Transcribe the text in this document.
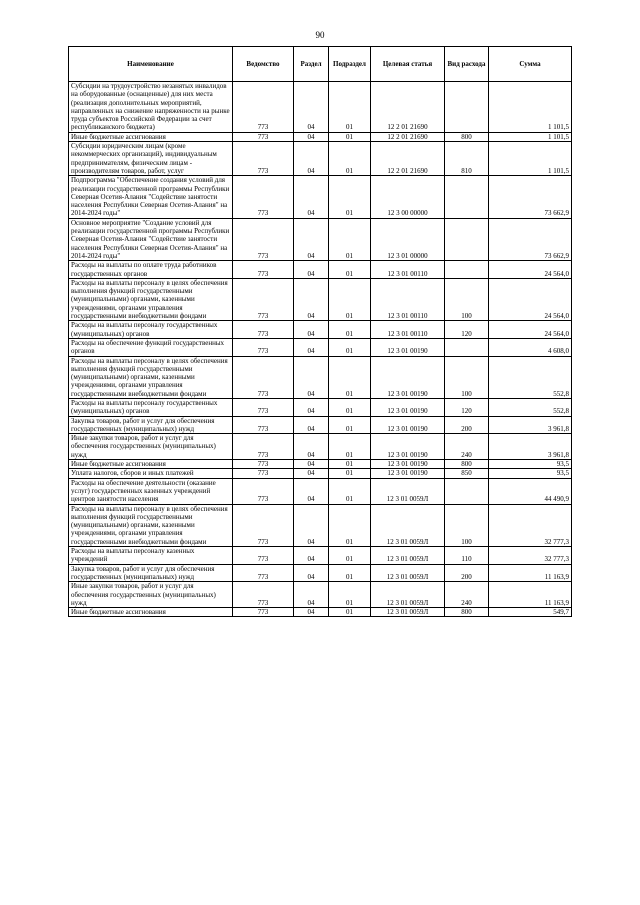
90
Наименование	Ведомство	Раздел	Подраздел	Целевая статья	Вид расхода	Сумма
Субсидии на трудоустройство незанятых инвалидов на оборудованные (оснащенные) для них места (реализация дополнительных мероприятий, направленных на снижение напряженности на рынке труда субъектов Российской Федерации за счет республиканского бюджета)	773	04	01	12 2 01 21690		1 101,5
Иные бюджетные ассигнования	773	04	01	12 2 01 21690	800	1 101,5
Субсидии юридическим лицам (кроме некоммерческих организаций), индивидуальным предпринимателям, физическим лицам - производителям товаров, работ, услуг	773	04	01	12 2 01 21690	810	1 101,5
Подпрограмма "Обеспечение создания условий для реализации государственной программы Республики Северная Осетия-Алания "Содействие занятости населения Республики Северная Осетия-Алания" на 2014-2024 годы"	773	04	01	12 3 00 00000		73 662,9
Основное мероприятие "Создание условий для реализации государственной программы Республики Северная Осетия-Алания "Содействие занятости населения Республики Северная Осетия-Алания" на 2014-2024 годы"	773	04	01	12 3 01 00000		73 662,9
Расходы на выплаты по оплате труда работников государственных органов	773	04	01	12 3 01 00110		24 564,0
Расходы на выплаты персоналу в целях обеспечения выполнения функций государственными (муниципальными) органами, казенными учреждениями, органами управления государственными внебюджетными фондами	773	04	01	12 3 01 00110	100	24 564,0
Расходы на выплаты персоналу государственных (муниципальных) органов	773	04	01	12 3 01 00110	120	24 564,0
Расходы на обеспечение функций государственных органов	773	04	01	12 3 01 00190		4 608,0
Расходы на выплаты персоналу в целях обеспечения выполнения функций государственными (муниципальными) органами, казенными учреждениями, органами управления государственными внебюджетными фондами	773	04	01	12 3 01 00190	100	552,8
Расходы на выплаты персоналу государственных (муниципальных) органов	773	04	01	12 3 01 00190	120	552,8
Закупка товаров, работ и услуг для обеспечения государственных (муниципальных) нужд	773	04	01	12 3 01 00190	200	3 961,8
Иные закупки товаров, работ и услуг для обеспечения государственных (муниципальных) нужд	773	04	01	12 3 01 00190	240	3 961,8
Иные бюджетные ассигнования	773	04	01	12 3 01 00190	800	93,5
Уплата налогов, сборов и иных платежей	773	04	01	12 3 01 00190	850	93,5
Расходы на обеспечение деятельности (оказание услуг) государственных казенных учреждений центров занятости населения	773	04	01	12 3 01 0059Л		44 490,9
Расходы на выплаты персоналу в целях обеспечения выполнения функций государственными (муниципальными) органами, казенными учреждениями, органами управления государственными внебюджетными фондами	773	04	01	12 3 01 0059Л	100	32 777,3
Расходы на выплаты персоналу казенных учреждений	773	04	01	12 3 01 0059Л	110	32 777,3
Закупка товаров, работ и услуг для обеспечения государственных (муниципальных) нужд	773	04	01	12 3 01 0059Л	200	11 163,9
Иные закупки товаров, работ и услуг для обеспечения государственных (муниципальных) нужд	773	04	01	12 3 01 0059Л	240	11 163,9
Иные бюджетные ассигнования	773	04	01	12 3 01 0059Л	800	549,7
